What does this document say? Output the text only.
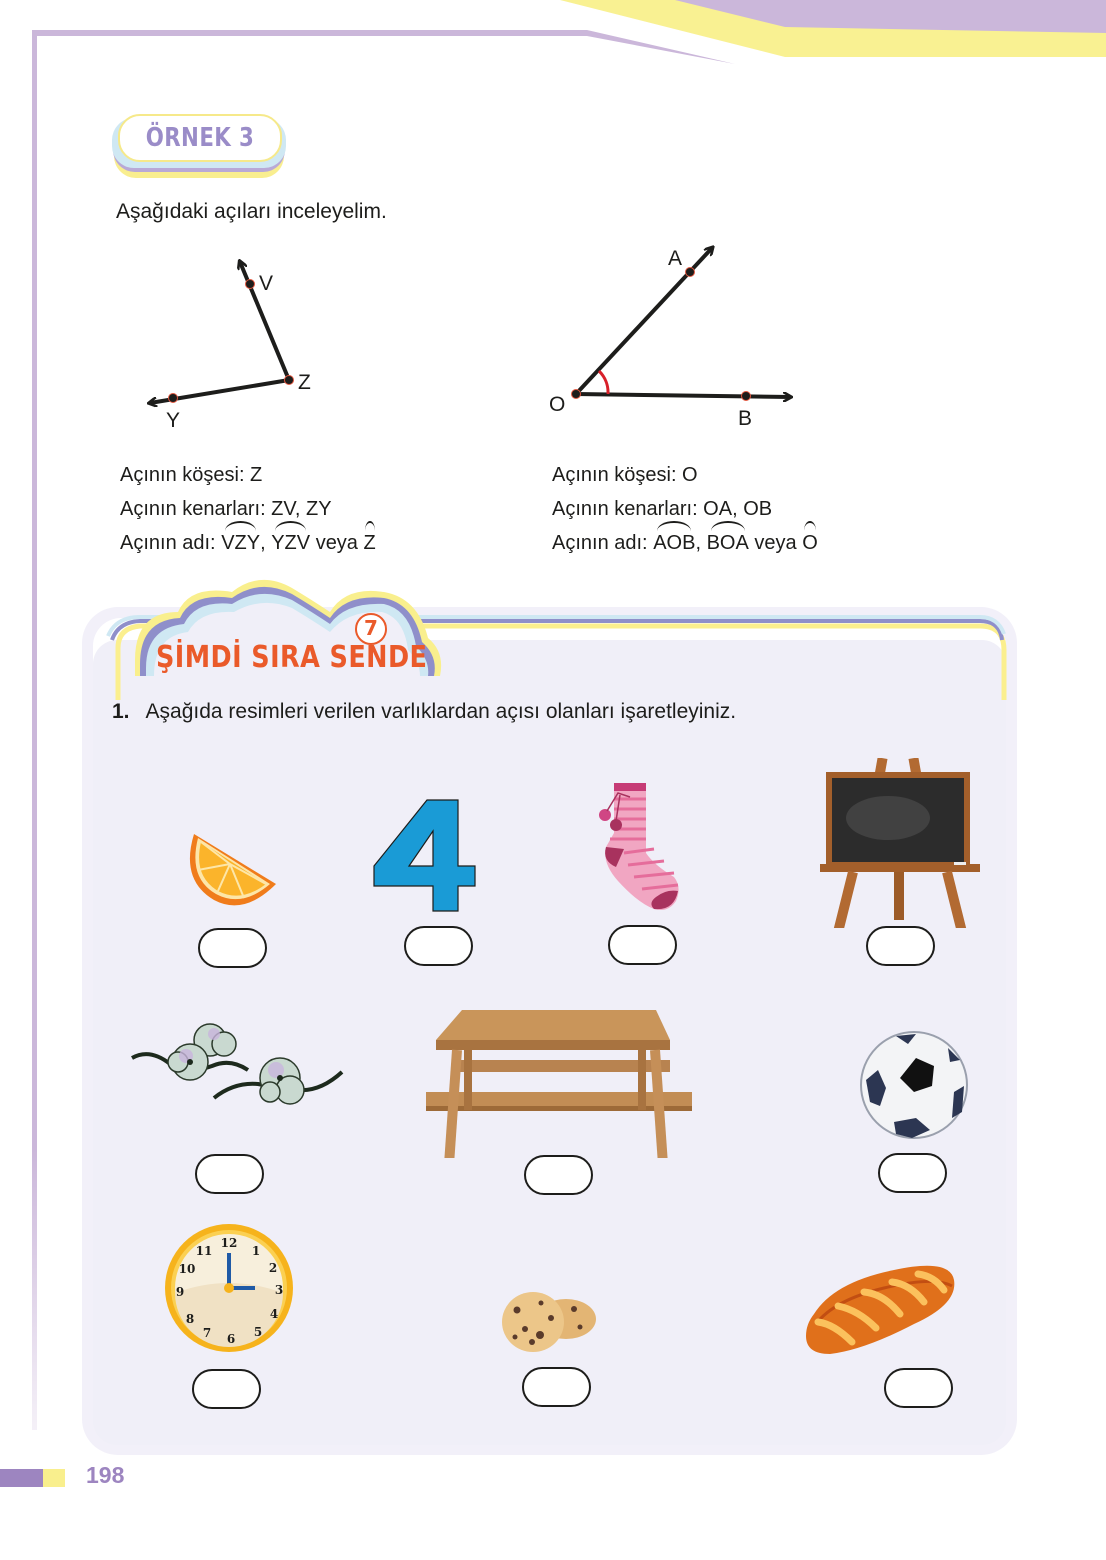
ÖRNEK 3
Aşağıdaki açıları inceleyelim.
V
Z
Y
A
O
B
Açının köşesi: Z
Açının kenarları: ZV, ZY
Açının adı: VZY, YZV veya Z
Açının köşesi: O
Açının kenarları: OA, OB
Açının adı: AOB, BOA veya O
7
ŞİMDİ SIRA SENDE
1. Aşağıda resimleri verilen varlıklardan açısı olanları işaretleyiniz.
12
1
2
3
4
5
6
7
8
9
10
11
198
